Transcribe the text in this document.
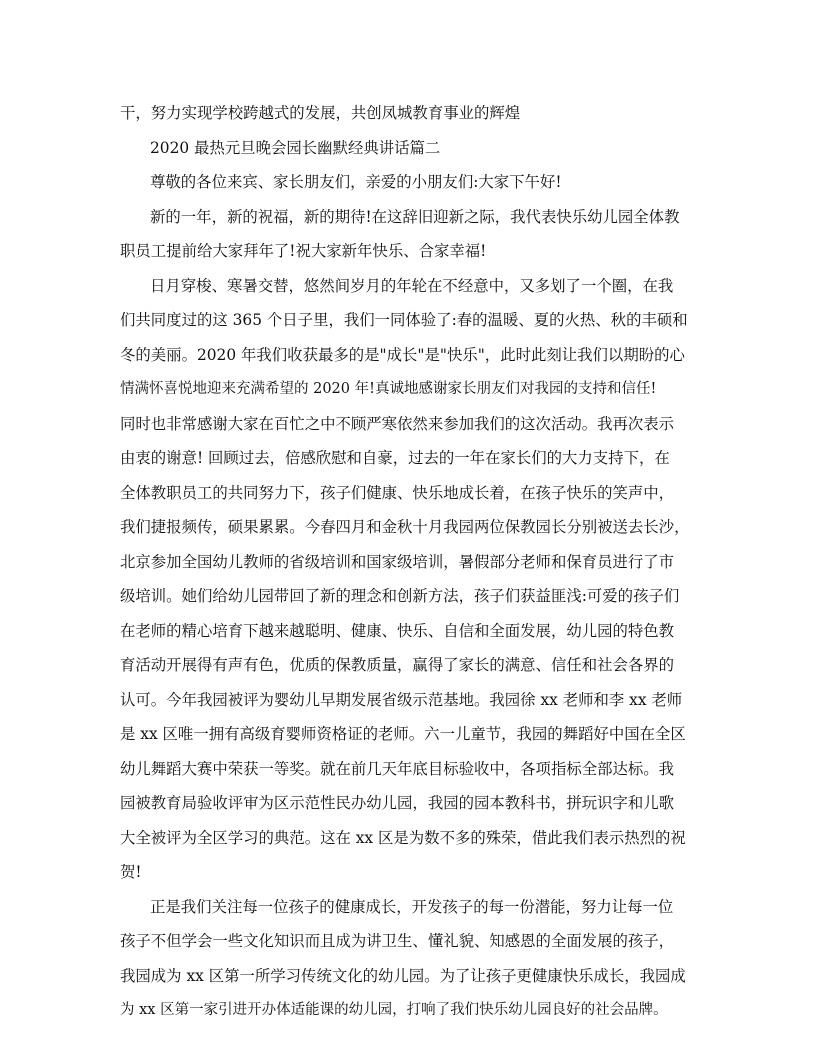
干，努力实现学校跨越式的发展，共创凤城教育事业的辉煌
2020 最热元旦晚会园长幽默经典讲话篇二
尊敬的各位来宾、家长朋友们，亲爱的小朋友们:大家下午好!
新的一年，新的祝福，新的期待!在这辞旧迎新之际，我代表快乐幼儿园全体教
职员工提前给大家拜年了!祝大家新年快乐、合家幸福!
日月穿梭、寒暑交替，悠然间岁月的年轮在不经意中，又多划了一个圈，在我
们共同度过的这 365 个日子里，我们一同体验了:春的温暖、夏的火热、秋的丰硕和
冬的美丽。2020 年我们收获最多的是"成长"是"快乐"，此时此刻让我们以期盼的心
情满怀喜悦地迎来充满希望的 2020 年!真诚地感谢家长朋友们对我园的支持和信任!
同时也非常感谢大家在百忙之中不顾严寒依然来参加我们的这次活动。我再次表示
由衷的谢意! 回顾过去，倍感欣慰和自豪，过去的一年在家长们的大力支持下，在
全体教职员工的共同努力下，孩子们健康、快乐地成长着，在孩子快乐的笑声中，
我们捷报频传，硕果累累。今春四月和金秋十月我园两位保教园长分别被送去长沙，
北京参加全国幼儿教师的省级培训和国家级培训，暑假部分老师和保育员进行了市
级培训。她们给幼儿园带回了新的理念和创新方法，孩子们获益匪浅:可爱的孩子们
在老师的精心培育下越来越聪明、健康、快乐、自信和全面发展，幼儿园的特色教
育活动开展得有声有色，优质的保教质量，赢得了家长的满意、信任和社会各界的
认可。今年我园被评为婴幼儿早期发展省级示范基地。我园徐 xx 老师和李 xx 老师
是 xx 区唯一拥有高级育婴师资格证的老师。六一儿童节，我园的舞蹈好中国在全区
幼儿舞蹈大赛中荣获一等奖。就在前几天年底目标验收中，各项指标全部达标。我
园被教育局验收评审为区示范性民办幼儿园，我园的园本教科书，拼玩识字和儿歌
大全被评为全区学习的典范。这在 xx 区是为数不多的殊荣，借此我们表示热烈的祝
贺!
正是我们关注每一位孩子的健康成长，开发孩子的每一份潜能，努力让每一位
孩子不但学会一些文化知识而且成为讲卫生、懂礼貌、知感恩的全面发展的孩子，
我园成为 xx 区第一所学习传统文化的幼儿园。为了让孩子更健康快乐成长，我园成
为 xx 区第一家引进开办体适能课的幼儿园，打响了我们快乐幼儿园良好的社会品牌。
